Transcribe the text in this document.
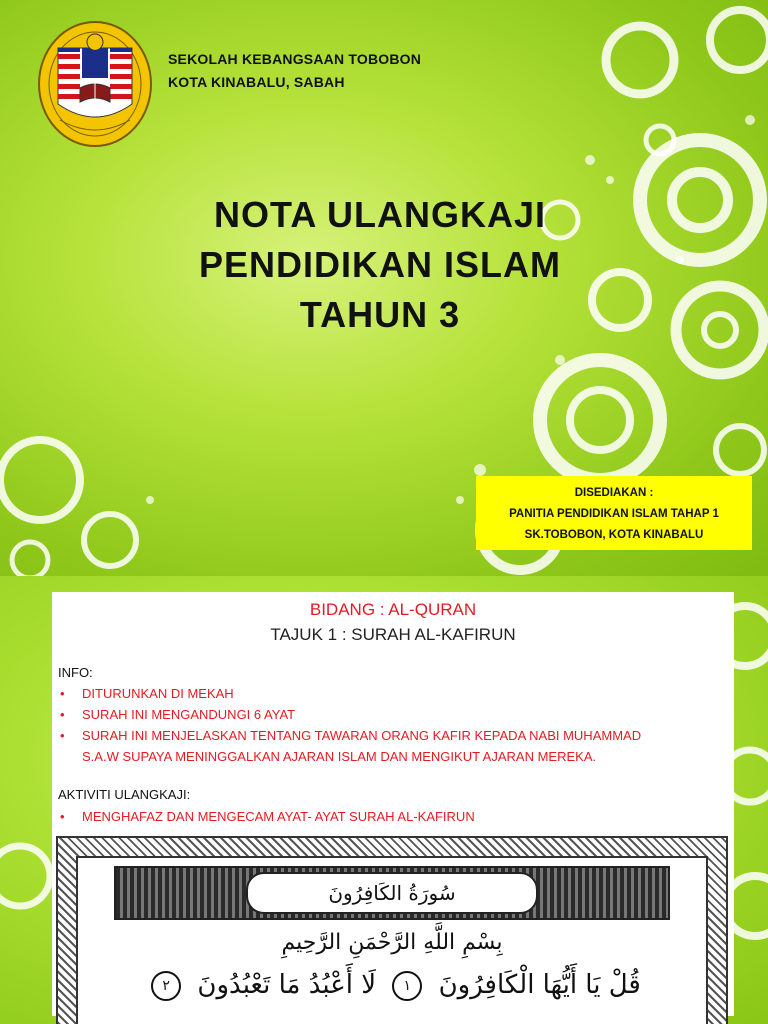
SEKOLAH KEBANGSAAN TOBOBON
KOTA KINABALU, SABAH
NOTA ULANGKAJI
PENDIDIKAN ISLAM
TAHUN 3
DISEDIAKAN :
PANITIA PENDIDIKAN ISLAM TAHAP 1
SK.TOBOBON, KOTA KINABALU
BIDANG : AL-QURAN
TAJUK 1 : SURAH AL-KAFIRUN
INFO:
• DITURUNKAN DI MEKAH
• SURAH INI MENGANDUNGI 6 AYAT
• SURAH INI MENJELASKAN TENTANG TAWARAN ORANG KAFIR KEPADA NABI MUHAMMAD
S.A.W SUPAYA MENINGGALKAN AJARAN ISLAM DAN MENGIKUT AJARAN MEREKA.
AKTIVITI ULANGKAJI:
• MENGHAFAZ DAN MENGECAM AYAT- AYAT SURAH AL-KAFIRUN
سُورَةُ الكَافِرُونَ
بِسْمِ اللَّهِ الرَّحْمَنِ الرَّحِيمِ
قُلْ يَا أَيُّهَا الْكَافِرُونَ ١ لَا أَعْبُدُ مَا تَعْبُدُونَ ٢
